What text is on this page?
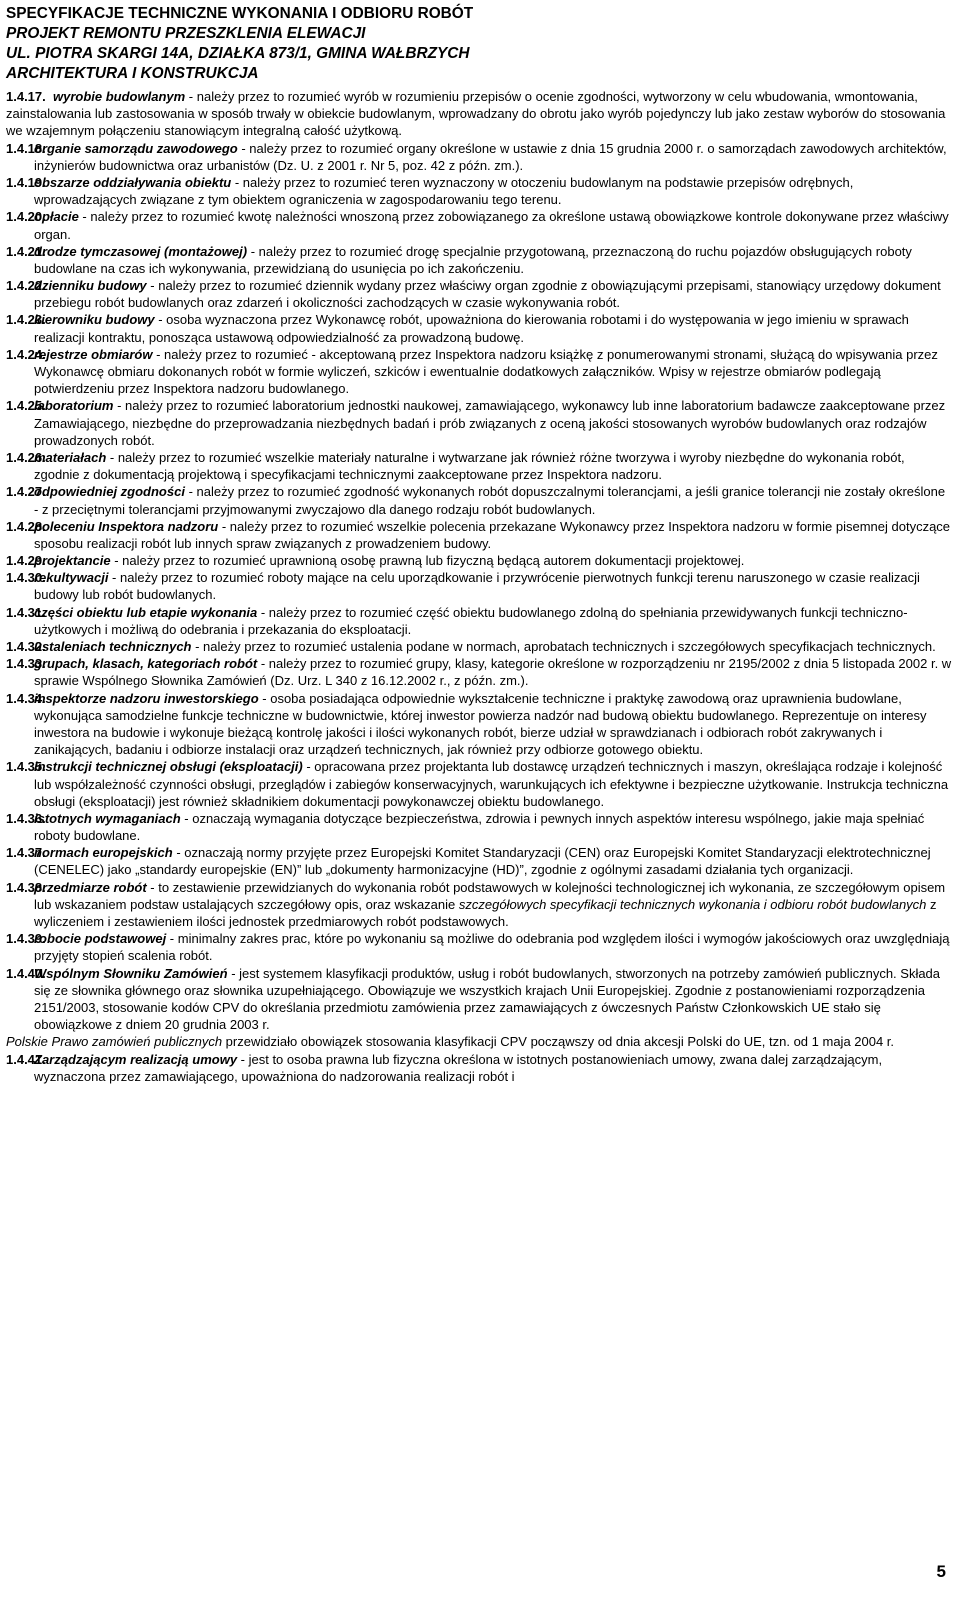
SPECYFIKACJE TECHNICZNE WYKONANIA I ODBIORU ROBÓT
PROJEKT REMONTU PRZESZKLENIA ELEWACJI
UL. PIOTRA SKARGI 14A, DZIAŁKA 873/1, GMINA WAŁBRZYCH
ARCHITEKTURA I KONSTRUKCJA
1.4.17. wyrobie budowlanym - należy przez to rozumieć wyrób w rozumieniu przepisów o ocenie zgodności, wytworzony w celu wbudowania, wmontowania, zainstalowania lub zastosowania w sposób trwały w obiekcie budowlanym, wprowadzany do obrotu jako wyrób pojedynczy lub jako zestaw wyborów do stosowania we wzajemnym połączeniu stanowiącym integralną całość użytkową.
1.4.18.
organie samorządu zawodowego - należy przez to rozumieć organy określone w ustawie z dnia 15 grudnia 2000 r. o samorządach zawodowych architektów, inżynierów budownictwa oraz urbanistów (Dz. U. z 2001 r. Nr 5, poz. 42 z późn. zm.).
1.4.19.
obszarze oddziaływania obiektu - należy przez to rozumieć teren wyznaczony w otoczeniu budowlanym na podstawie przepisów odrębnych, wprowadzających związane z tym obiektem ograniczenia w zagospodarowaniu tego terenu.
1.4.20.
opłacie - należy przez to rozumieć kwotę należności wnoszoną przez zobowiązanego za określone ustawą obowiązkowe kontrole dokonywane przez właściwy organ.
1.4.21.
drodze tymczasowej (montażowej) - należy przez to rozumieć drogę specjalnie przygotowaną, przeznaczoną do ruchu pojazdów obsługujących roboty budowlane na czas ich wykonywania, przewidzianą do usunięcia po ich zakończeniu.
1.4.22.
dzienniku budowy - należy przez to rozumieć dziennik wydany przez właściwy organ zgodnie z obowiązującymi przepisami, stanowiący urzędowy dokument przebiegu robót budowlanych oraz zdarzeń i okoliczności zachodzących w czasie wykonywania robót.
1.4.23.
kierowniku budowy - osoba wyznaczona przez Wykonawcę robót, upoważniona do kierowania robotami i do występowania w jego imieniu w sprawach realizacji kontraktu, ponosząca ustawową odpowiedzialność za prowadzoną budowę.
1.4.24.
rejestrze obmiarów - należy przez to rozumieć - akceptowaną przez Inspektora nadzoru książkę z ponumerowanymi stronami, służącą do wpisywania przez Wykonawcę obmiaru dokonanych robót w formie wyliczeń, szkiców i ewentualnie dodatkowych załączników. Wpisy w rejestrze obmiarów podlegają potwierdzeniu przez Inspektora nadzoru budowlanego.
1.4.25.
laboratorium - należy przez to rozumieć laboratorium jednostki naukowej, zamawiającego, wykonawcy lub inne laboratorium badawcze zaakceptowane przez Zamawiającego, niezbędne do przeprowadzania niezbędnych badań i prób związanych z oceną jakości stosowanych wyrobów budowlanych oraz rodzajów prowadzonych robót.
1.4.26.
materiałach - należy przez to rozumieć wszelkie materiały naturalne i wytwarzane jak również różne tworzywa i wyroby niezbędne do wykonania robót, zgodnie z dokumentacją projektową i specyfikacjami technicznymi zaakceptowane przez Inspektora nadzoru.
1.4.27.
odpowiedniej zgodności - należy przez to rozumieć zgodność wykonanych robót dopuszczalnymi tolerancjami, a jeśli granice tolerancji nie zostały określone - z przeciętnymi tolerancjami przyjmowanymi zwyczajowo dla danego rodzaju robót budowlanych.
1.4.28.
poleceniu Inspektora nadzoru - należy przez to rozumieć wszelkie polecenia przekazane Wykonawcy przez Inspektora nadzoru w formie pisemnej dotyczące sposobu realizacji robót lub innych spraw związanych z prowadzeniem budowy.
1.4.29.
projektancie - należy przez to rozumieć uprawnioną osobę prawną lub fizyczną będącą autorem dokumentacji projektowej.
1.4.30.
rekultywacji - należy przez to rozumieć roboty mające na celu uporządkowanie i przywrócenie pierwotnych funkcji terenu naruszonego w czasie realizacji budowy lub robót budowlanych.
1.4.31.
części obiektu lub etapie wykonania - należy przez to rozumieć część obiektu budowlanego zdolną do spełniania przewidywanych funkcji techniczno-użytkowych i możliwą do odebrania i przekazania do eksploatacji.
1.4.32.
ustaleniach technicznych - należy przez to rozumieć ustalenia podane w normach, aprobatach technicznych i szczegółowych specyfikacjach technicznych.
1.4.33.
grupach, klasach, kategoriach robót - należy przez to rozumieć grupy, klasy, kategorie określone w rozporządzeniu nr 2195/2002 z dnia 5 listopada 2002 r. w sprawie Wspólnego Słownika Zamówień (Dz. Urz. L 340 z 16.12.2002 r., z późn. zm.).
1.4.34.
inspektorze nadzoru inwestorskiego - osoba posiadająca odpowiednie wykształcenie techniczne i praktykę zawodową oraz uprawnienia budowlane, wykonująca samodzielne funkcje techniczne w budownictwie, której inwestor powierza nadzór nad budową obiektu budowlanego. Reprezentuje on interesy inwestora na budowie i wykonuje bieżącą kontrolę jakości i ilości wykonanych robót, bierze udział w sprawdzianach i odbiorach robót zakrywanych i zanikających, badaniu i odbiorze instalacji oraz urządzeń technicznych, jak również przy odbiorze gotowego obiektu.
1.4.35.
instrukcji technicznej obsługi (eksploatacji) - opracowana przez projektanta lub dostawcę urządzeń technicznych i maszyn, określająca rodzaje i kolejność lub współzależność czynności obsługi, przeglądów i zabiegów konserwacyjnych, warunkujących ich efektywne i bezpieczne użytkowanie. Instrukcja techniczna obsługi (eksploatacji) jest również składnikiem dokumentacji powykonawczej obiektu budowlanego.
1.4.36.
istotnych wymaganiach - oznaczają wymagania dotyczące bezpieczeństwa, zdrowia i pewnych innych aspektów interesu wspólnego, jakie maja spełniać roboty budowlane.
1.4.37.
normach europejskich - oznaczają normy przyjęte przez Europejski Komitet Standaryzacji (CEN) oraz Europejski Komitet Standaryzacji elektrotechnicznej (CENELEC) jako „standardy europejskie (EN)” lub „dokumenty harmonizacyjne (HD)”, zgodnie z ogólnymi zasadami działania tych organizacji.
1.4.38.
przedmiarze robót - to zestawienie przewidzianych do wykonania robót podstawowych w kolejności technologicznej ich wykonania, ze szczegółowym opisem lub wskazaniem podstaw ustalających szczegółowy opis, oraz wskazanie szczegółowych specyfikacji technicznych wykonania i odbioru robót budowlanych z wyliczeniem i zestawieniem ilości jednostek przedmiarowych robót podstawowych.
1.4.39.
robocie podstawowej - minimalny zakres prac, które po wykonaniu są możliwe do odebrania pod względem ilości i wymogów jakościowych oraz uwzględniają przyjęty stopień scalenia robót.
1.4.40.
Wspólnym Słowniku Zamówień - jest systemem klasyfikacji produktów, usług i robót budowlanych, stworzonych na potrzeby zamówień publicznych. Składa się ze słownika głównego oraz słownika uzupełniającego. Obowiązuje we wszystkich krajach Unii Europejskiej. Zgodnie z postanowieniami rozporządzenia 2151/2003, stosowanie kodów CPV do określania przedmiotu zamówienia przez zamawiających z ówczesnych Państw Członkowskich UE stało się obowiązkowe z dniem 20 grudnia 2003 r.
Polskie Prawo zamówień publicznych przewidziało obowiązek stosowania klasyfikacji CPV począwszy od dnia akcesji Polski do UE, tzn. od 1 maja 2004 r.
1.4.41.
Zarządzającym realizacją umowy - jest to osoba prawna lub fizyczna określona w istotnych postanowieniach umowy, zwana dalej zarządzającym, wyznaczona przez zamawiającego, upoważniona do nadzorowania realizacji robót i
5
